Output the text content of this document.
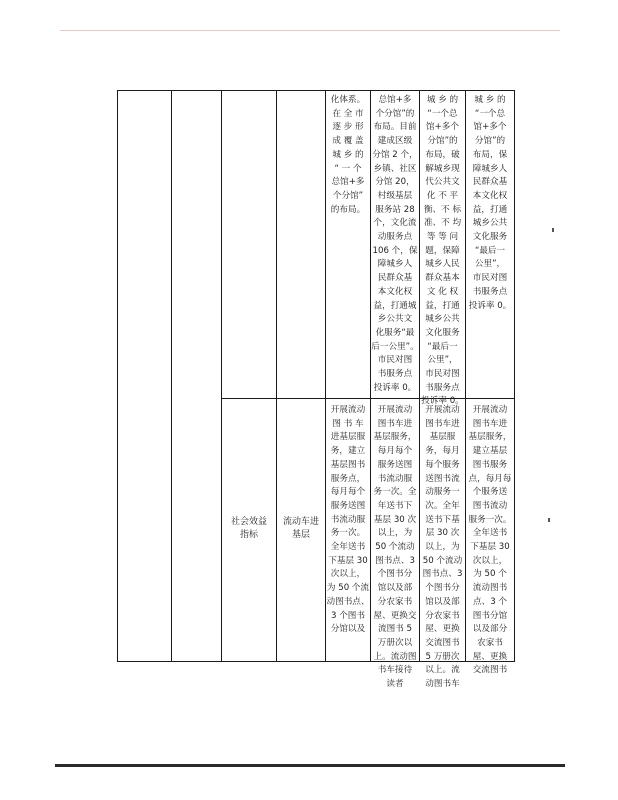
化体系。
在 全 市
逐 步 形
成 覆 盖
城 乡 的
“ 一 个
总馆+多
个分馆”
的布局。
总馆+多
个分馆”的
布局。目前
建成区级
分馆 2 个，
乡镇、社区
分馆 20，
村级基层
服务站 28
个，文化流
动服务点
106 个，保
障城乡人
民群众基
本文化权
益，打通城
乡公共文
化服务“最
后一公里”。
市民对图
书服务点
投诉率 0。
城 乡 的
“一个总
馆+多个
分馆”的
布局，破
解城乡现
代公共文
化 不 平
衡、不 标
准、不 均
等 等 问
题，保障
城乡人民
群众基本
文 化 权
益，打通
城乡公共
文化服务
“最后一
公里”，
市民对图
书服务点
投诉率 0。
城 乡 的
“一个总
馆+多个
分馆”的
布局，保
障城乡人
民群众基
本文化权
益，打通
城乡公共
文化服务
“最后一
公里”，
市民对图
书服务点
投诉率 0。
社会效益
指标
流动车进
基层
开展流动
图 书 车
进基层服
务，建立
基层图书
服务点，
每月每个
服务送图
书流动服
务一次。
全年送书
下基层 30
次以上，
为 50 个流
动图书点、
3 个图书
分馆以及
开展流动
图书车进
基层服务，
每月每个
服务送图
书流动服
务一次。全
年送书下
基层 30 次
以上，为
50 个流动
图书点、3
个图书分
馆以及部
分农家书
屋、更换交
流图书 5
万册次以
上。流动图
书车接待
读者
开展流动
图书车进
基层服
务，每月
每个服务
送图书流
动服务一
次。全年
送书下基
层 30 次
以上，为
50 个流动
图书点、3
个图书分
馆以及部
分农家书
屋、更换
交流图书
5 万册次
以上。流
动图书车
开展流动
图书车进
基层服务，
建立基层
图书服务
点，每月每
个服务送
图书流动
服务一次。
全年送书
下基层 30
次以上，
为 50 个
流动图书
点、3 个
图书分馆
以及部分
农家书
屋、更换
交流图书
